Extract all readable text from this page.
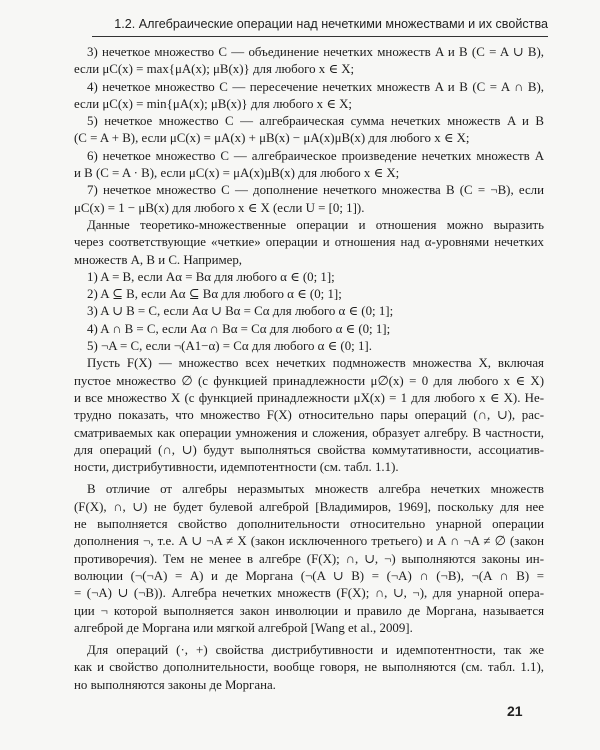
1.2. Алгебраические операции над нечеткими множествами и их свойства
3) нечеткое множество C — объединение нечетких множеств A и B (C = A ∪ B),
если μC(x) = max{μA(x); μB(x)} для любого x ∈ X;
4) нечеткое множество C — пересечение нечетких множеств A и B (C = A ∩ B),
если μC(x) = min{μA(x); μB(x)} для любого x ∈ X;
5) нечеткое множество C — алгебраическая сумма нечетких множеств A и B
(C = A + B), если μC(x) = μA(x) + μB(x) − μA(x)μB(x) для любого x ∈ X;
6) нечеткое множество C — алгебраическое произведение нечетких множеств A
и B (C = A · B), если μC(x) = μA(x)μB(x) для любого x ∈ X;
7) нечеткое множество C — дополнение нечеткого множества B (C = ¬B), если
μC(x) = 1 − μB(x) для любого x ∈ X (если U = [0; 1]).
Данные теоретико-множественные операции и отношения можно выразить
через соответствующие «четкие» операции и отношения над α-уровнями нечетких
множеств A, B и C. Например,
1) A = B, если Aα = Bα для любого α ∈ (0; 1];
2) A ⊆ B, если Aα ⊆ Bα для любого α ∈ (0; 1];
3) A ∪ B = C, если Aα ∪ Bα = Cα для любого α ∈ (0; 1];
4) A ∩ B = C, если Aα ∩ Bα = Cα для любого α ∈ (0; 1];
5) ¬A = C, если ¬(A1−α) = Cα для любого α ∈ (0; 1].
Пусть F(X) — множество всех нечетких подмножеств множества X, включая
пустое множество ∅ (с функцией принадлежности μ∅(x) = 0 для любого x ∈ X)
и все множество X (с функцией принадлежности μX(x) = 1 для любого x ∈ X). Не-
трудно показать, что множество F(X) относительно пары операций (∩, ∪), рас-
сматриваемых как операции умножения и сложения, образует алгебру. В частности,
для операций (∩, ∪) будут выполняться свойства коммутативности, ассоциатив-
ности, дистрибутивности, идемпотентности (см. табл. 1.1).
В отличие от алгебры неразмытых множеств алгебра нечетких множеств
(F(X), ∩, ∪) не будет булевой алгеброй [Владимиров, 1969], поскольку для нее
не выполняется свойство дополнительности относительно унарной операции
дополнения ¬, т.е. A ∪ ¬A ≠ X (закон исключенного третьего) и A ∩ ¬A ≠ ∅ (закон
противоречия). Тем не менее в алгебре (F(X); ∩, ∪, ¬) выполняются законы ин-
волюции (¬(¬A) = A) и де Моргана (¬(A ∪ B) = (¬A) ∩ (¬B), ¬(A ∩ B) =
= (¬A) ∪ (¬B)). Алгебра нечетких множеств (F(X); ∩, ∪, ¬), для унарной опера-
ции ¬ которой выполняется закон инволюции и правило де Моргана, называется
алгеброй де Моргана или мягкой алгеброй [Wang et al., 2009].
Для операций (·, +) свойства дистрибутивности и идемпотентности, так же
как и свойство дополнительности, вообще говоря, не выполняются (см. табл. 1.1),
но выполняются законы де Моргана.
21
